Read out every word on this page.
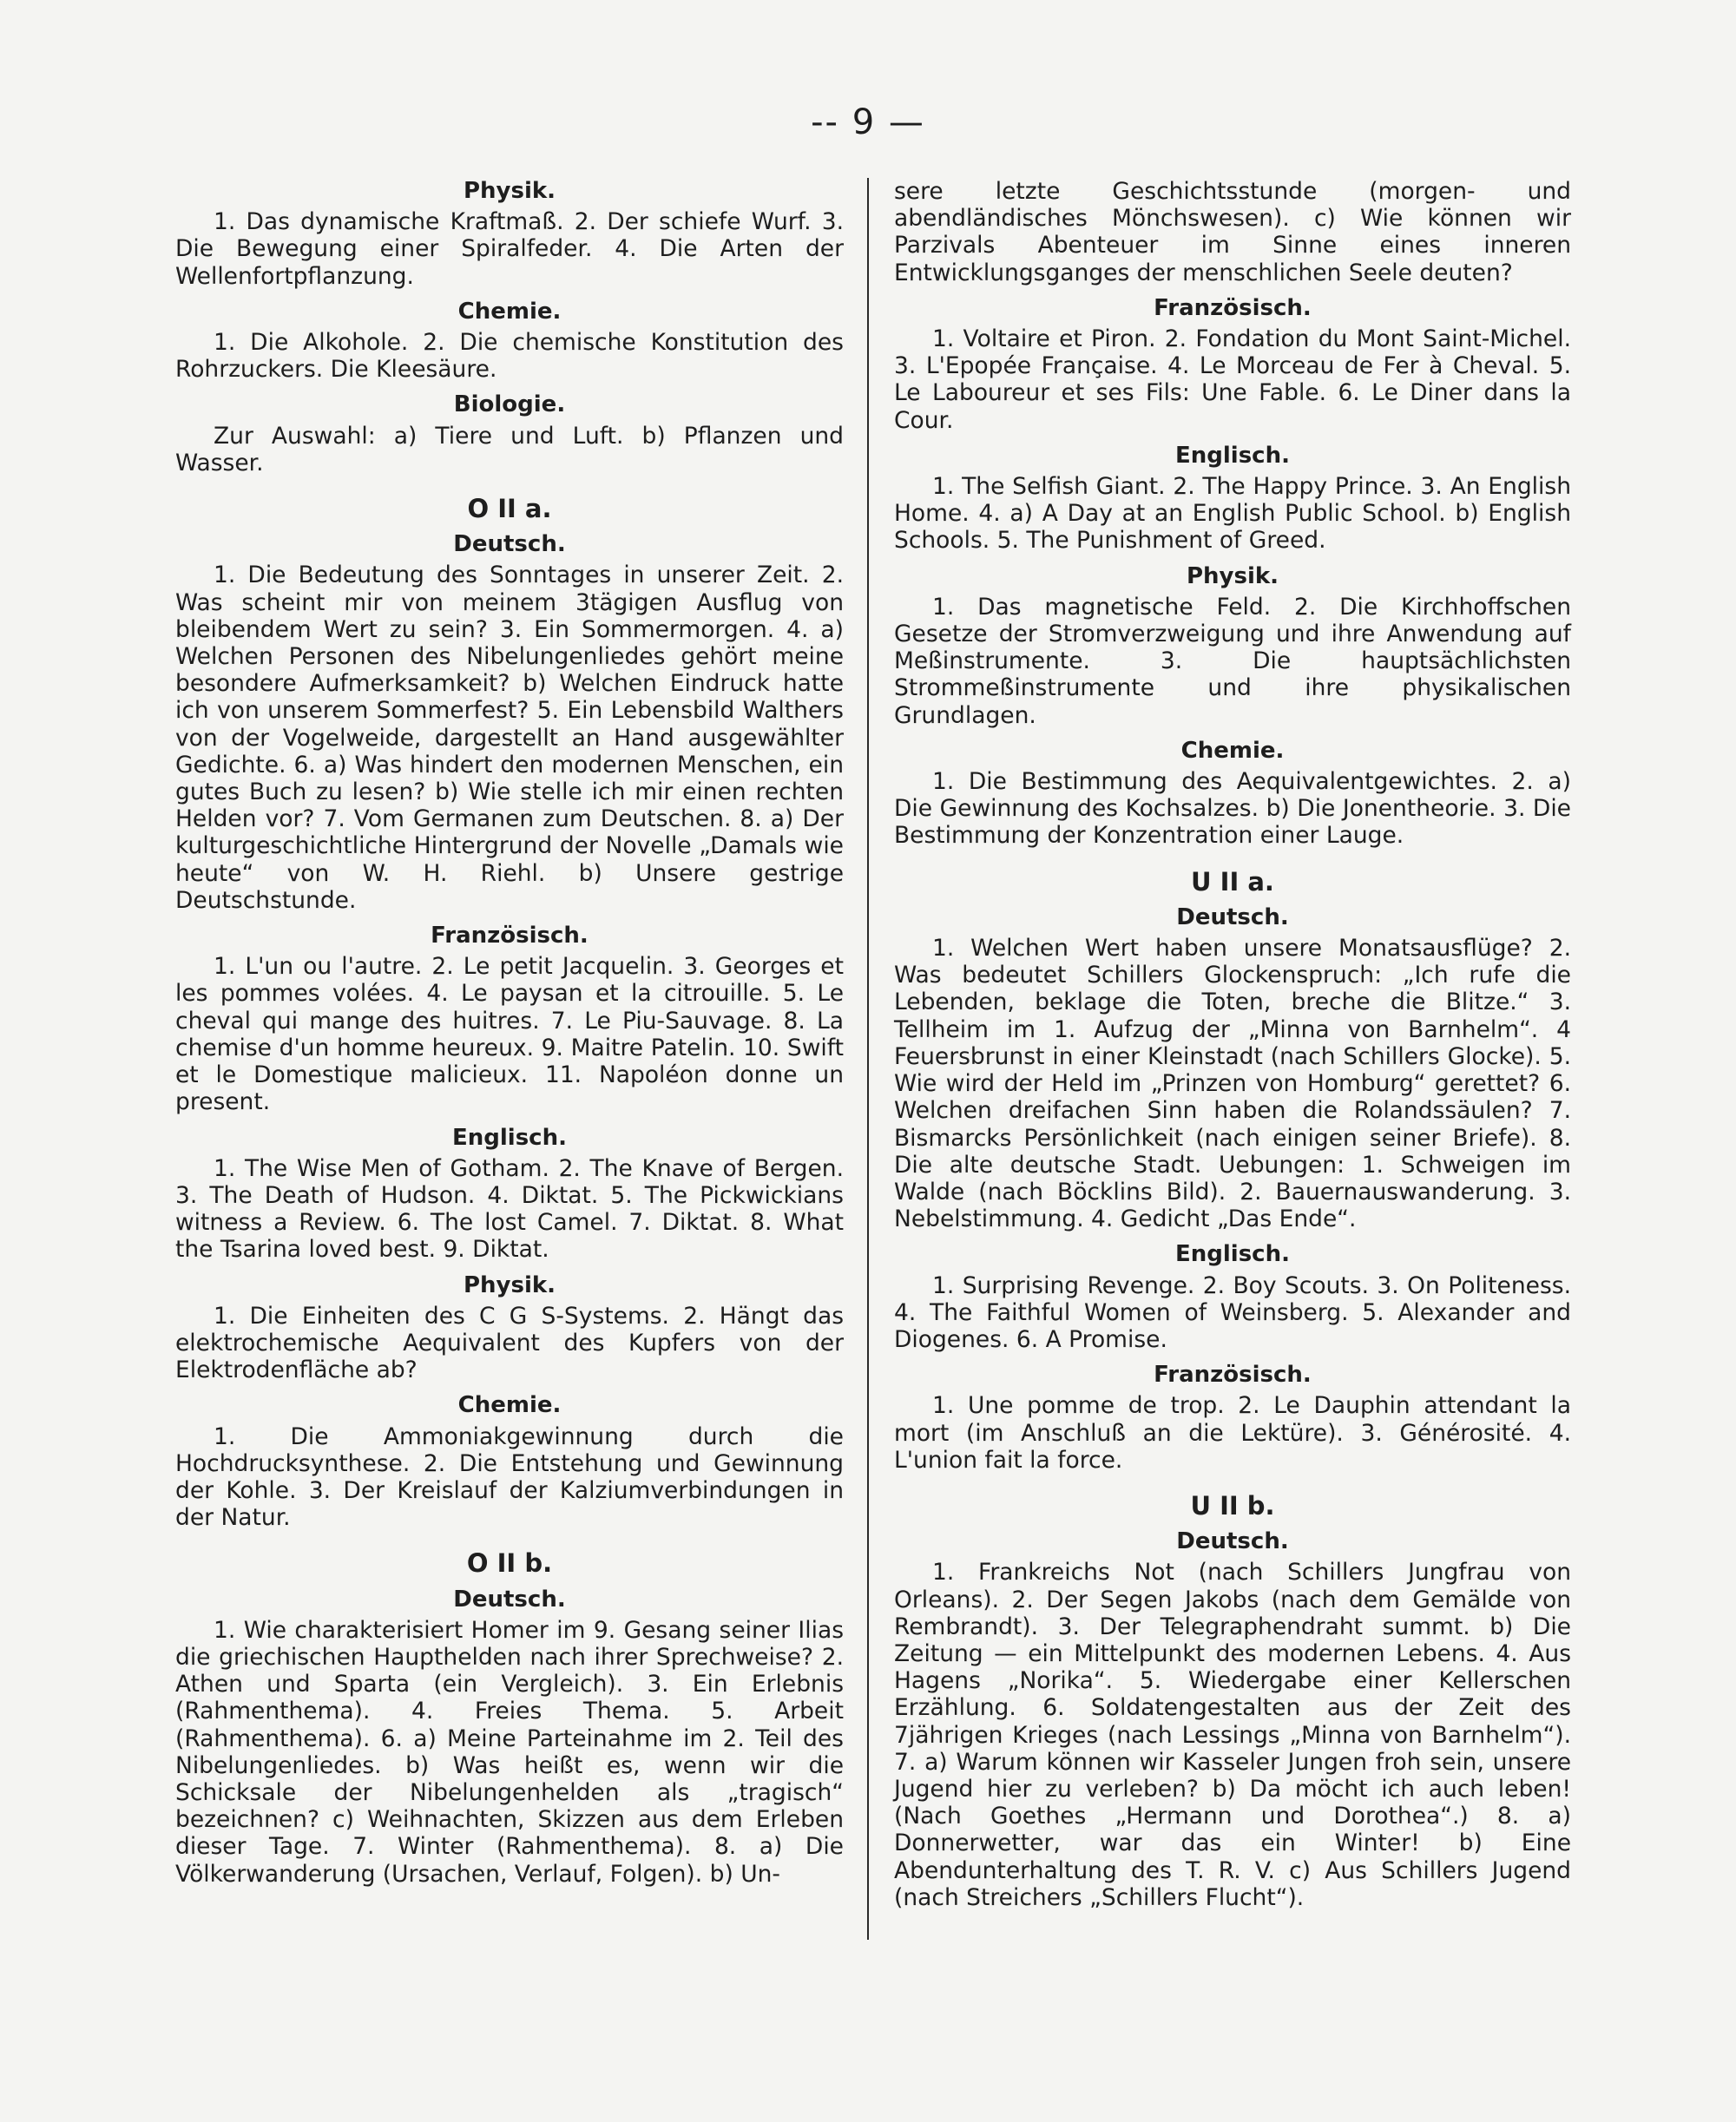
-- 9 —
Physik.

1. Das dynamische Kraftmaß. 2. Der schiefe Wurf. 3. Die Bewegung einer Spiralfeder. 4. Die Arten der Wellenfortpflanzung.

Chemie.

1. Die Alkohole. 2. Die chemische Konstitution des Rohrzuckers. Die Kleesäure.

Biologie.

Zur Auswahl: a) Tiere und Luft. b) Pflanzen und Wasser.

O II a.
Deutsch.

1. Die Bedeutung des Sonntages in unserer Zeit. 2. Was scheint mir von meinem 3tägigen Ausflug von bleibendem Wert zu sein? 3. Ein Sommermorgen. 4. a) Welchen Personen des Nibelungenliedes gehört meine besondere Aufmerksamkeit? b) Welchen Eindruck hatte ich von unserem Sommerfest? 5. Ein Lebensbild Walthers von der Vogelweide, dargestellt an Hand ausgewählter Gedichte. 6. a) Was hindert den modernen Menschen, ein gutes Buch zu lesen? b) Wie stelle ich mir einen rechten Helden vor? 7. Vom Germanen zum Deutschen. 8. a) Der kulturgeschichtliche Hintergrund der Novelle „Damals wie heute“ von W. H. Riehl. b) Unsere gestrige Deutschstunde.

Französisch.

1. L'un ou l'autre. 2. Le petit Jacquelin. 3. Georges et les pommes volées. 4. Le paysan et la citrouille. 5. Le cheval qui mange des huitres. 7. Le Piu-Sauvage. 8. La chemise d'un homme heureux. 9. Maitre Patelin. 10. Swift et le Domestique malicieux. 11. Napoléon donne un present.

Englisch.

1. The Wise Men of Gotham. 2. The Knave of Bergen. 3. The Death of Hudson. 4. Diktat. 5. The Pickwickians witness a Review. 6. The lost Camel. 7. Diktat. 8. What the Tsarina loved best. 9. Diktat.

Physik.

1. Die Einheiten des C G S-Systems. 2. Hängt das elektrochemische Aequivalent des Kupfers von der Elektrodenfläche ab?

Chemie.

1. Die Ammoniakgewinnung durch die Hochdrucksynthese. 2. Die Entstehung und Gewinnung der Kohle. 3. Der Kreislauf der Kalziumverbindungen in der Natur.

O II b.
Deutsch.

1. Wie charakterisiert Homer im 9. Gesang seiner Ilias die griechischen Haupthelden nach ihrer Sprechweise? 2. Athen und Sparta (ein Vergleich). 3. Ein Erlebnis (Rahmenthema). 4. Freies Thema. 5. Arbeit (Rahmenthema). 6. a) Meine Parteinahme im 2. Teil des Nibelungenliedes. b) Was heißt es, wenn wir die Schicksale der Nibelungenhelden als „tragisch“ bezeichnen? c) Weihnachten, Skizzen aus dem Erleben dieser Tage. 7. Winter (Rahmenthema). 8. a) Die Völkerwanderung (Ursachen, Verlauf, Folgen). b) Un-

sere letzte Geschichtsstunde (morgen- und abendländisches Mönchswesen). c) Wie können wir Parzivals Abenteuer im Sinne eines inneren Entwicklungsganges der menschlichen Seele deuten?

Französisch.

1. Voltaire et Piron. 2. Fondation du Mont Saint-Michel. 3. L'Epopée Française. 4. Le Morceau de Fer à Cheval. 5. Le Laboureur et ses Fils: Une Fable. 6. Le Diner dans la Cour.

Englisch.

1. The Selfish Giant. 2. The Happy Prince. 3. An English Home. 4. a) A Day at an English Public School. b) English Schools. 5. The Punishment of Greed.

Physik.

1. Das magnetische Feld. 2. Die Kirchhoffschen Gesetze der Stromverzweigung und ihre Anwendung auf Meßinstrumente. 3. Die hauptsächlichsten Strommeßinstrumente und ihre physikalischen Grundlagen.

Chemie.

1. Die Bestimmung des Aequivalentgewichtes. 2. a) Die Gewinnung des Kochsalzes. b) Die Jonentheorie. 3. Die Bestimmung der Konzentration einer Lauge.

U II a.
Deutsch.

1. Welchen Wert haben unsere Monatsausflüge? 2. Was bedeutet Schillers Glockenspruch: „Ich rufe die Lebenden, beklage die Toten, breche die Blitze.“ 3. Tellheim im 1. Aufzug der „Minna von Barnhelm“. 4 Feuersbrunst in einer Kleinstadt (nach Schillers Glocke). 5. Wie wird der Held im „Prinzen von Homburg“ gerettet? 6. Welchen dreifachen Sinn haben die Rolandssäulen? 7. Bismarcks Persönlichkeit (nach einigen seiner Briefe). 8. Die alte deutsche Stadt. Uebungen: 1. Schweigen im Walde (nach Böcklins Bild). 2. Bauernauswanderung. 3. Nebelstimmung. 4. Gedicht „Das Ende“.

Englisch.

1. Surprising Revenge. 2. Boy Scouts. 3. On Politeness. 4. The Faithful Women of Weinsberg. 5. Alexander and Diogenes. 6. A Promise.

Französisch.

1. Une pomme de trop. 2. Le Dauphin attendant la mort (im Anschluß an die Lektüre). 3. Générosité. 4. L'union fait la force.

U II b.
Deutsch.

1. Frankreichs Not (nach Schillers Jungfrau von Orleans). 2. Der Segen Jakobs (nach dem Gemälde von Rembrandt). 3. Der Telegraphendraht summt. b) Die Zeitung — ein Mittelpunkt des modernen Lebens. 4. Aus Hagens „Norika“. 5. Wiedergabe einer Kellerschen Erzählung. 6. Soldatengestalten aus der Zeit des 7jährigen Krieges (nach Lessings „Minna von Barnhelm“). 7. a) Warum können wir Kasseler Jungen froh sein, unsere Jugend hier zu verleben? b) Da möcht ich auch leben! (Nach Goethes „Hermann und Dorothea“.) 8. a) Donnerwetter, war das ein Winter! b) Eine Abendunterhaltung des T. R. V. c) Aus Schillers Jugend (nach Streichers „Schillers Flucht“).
